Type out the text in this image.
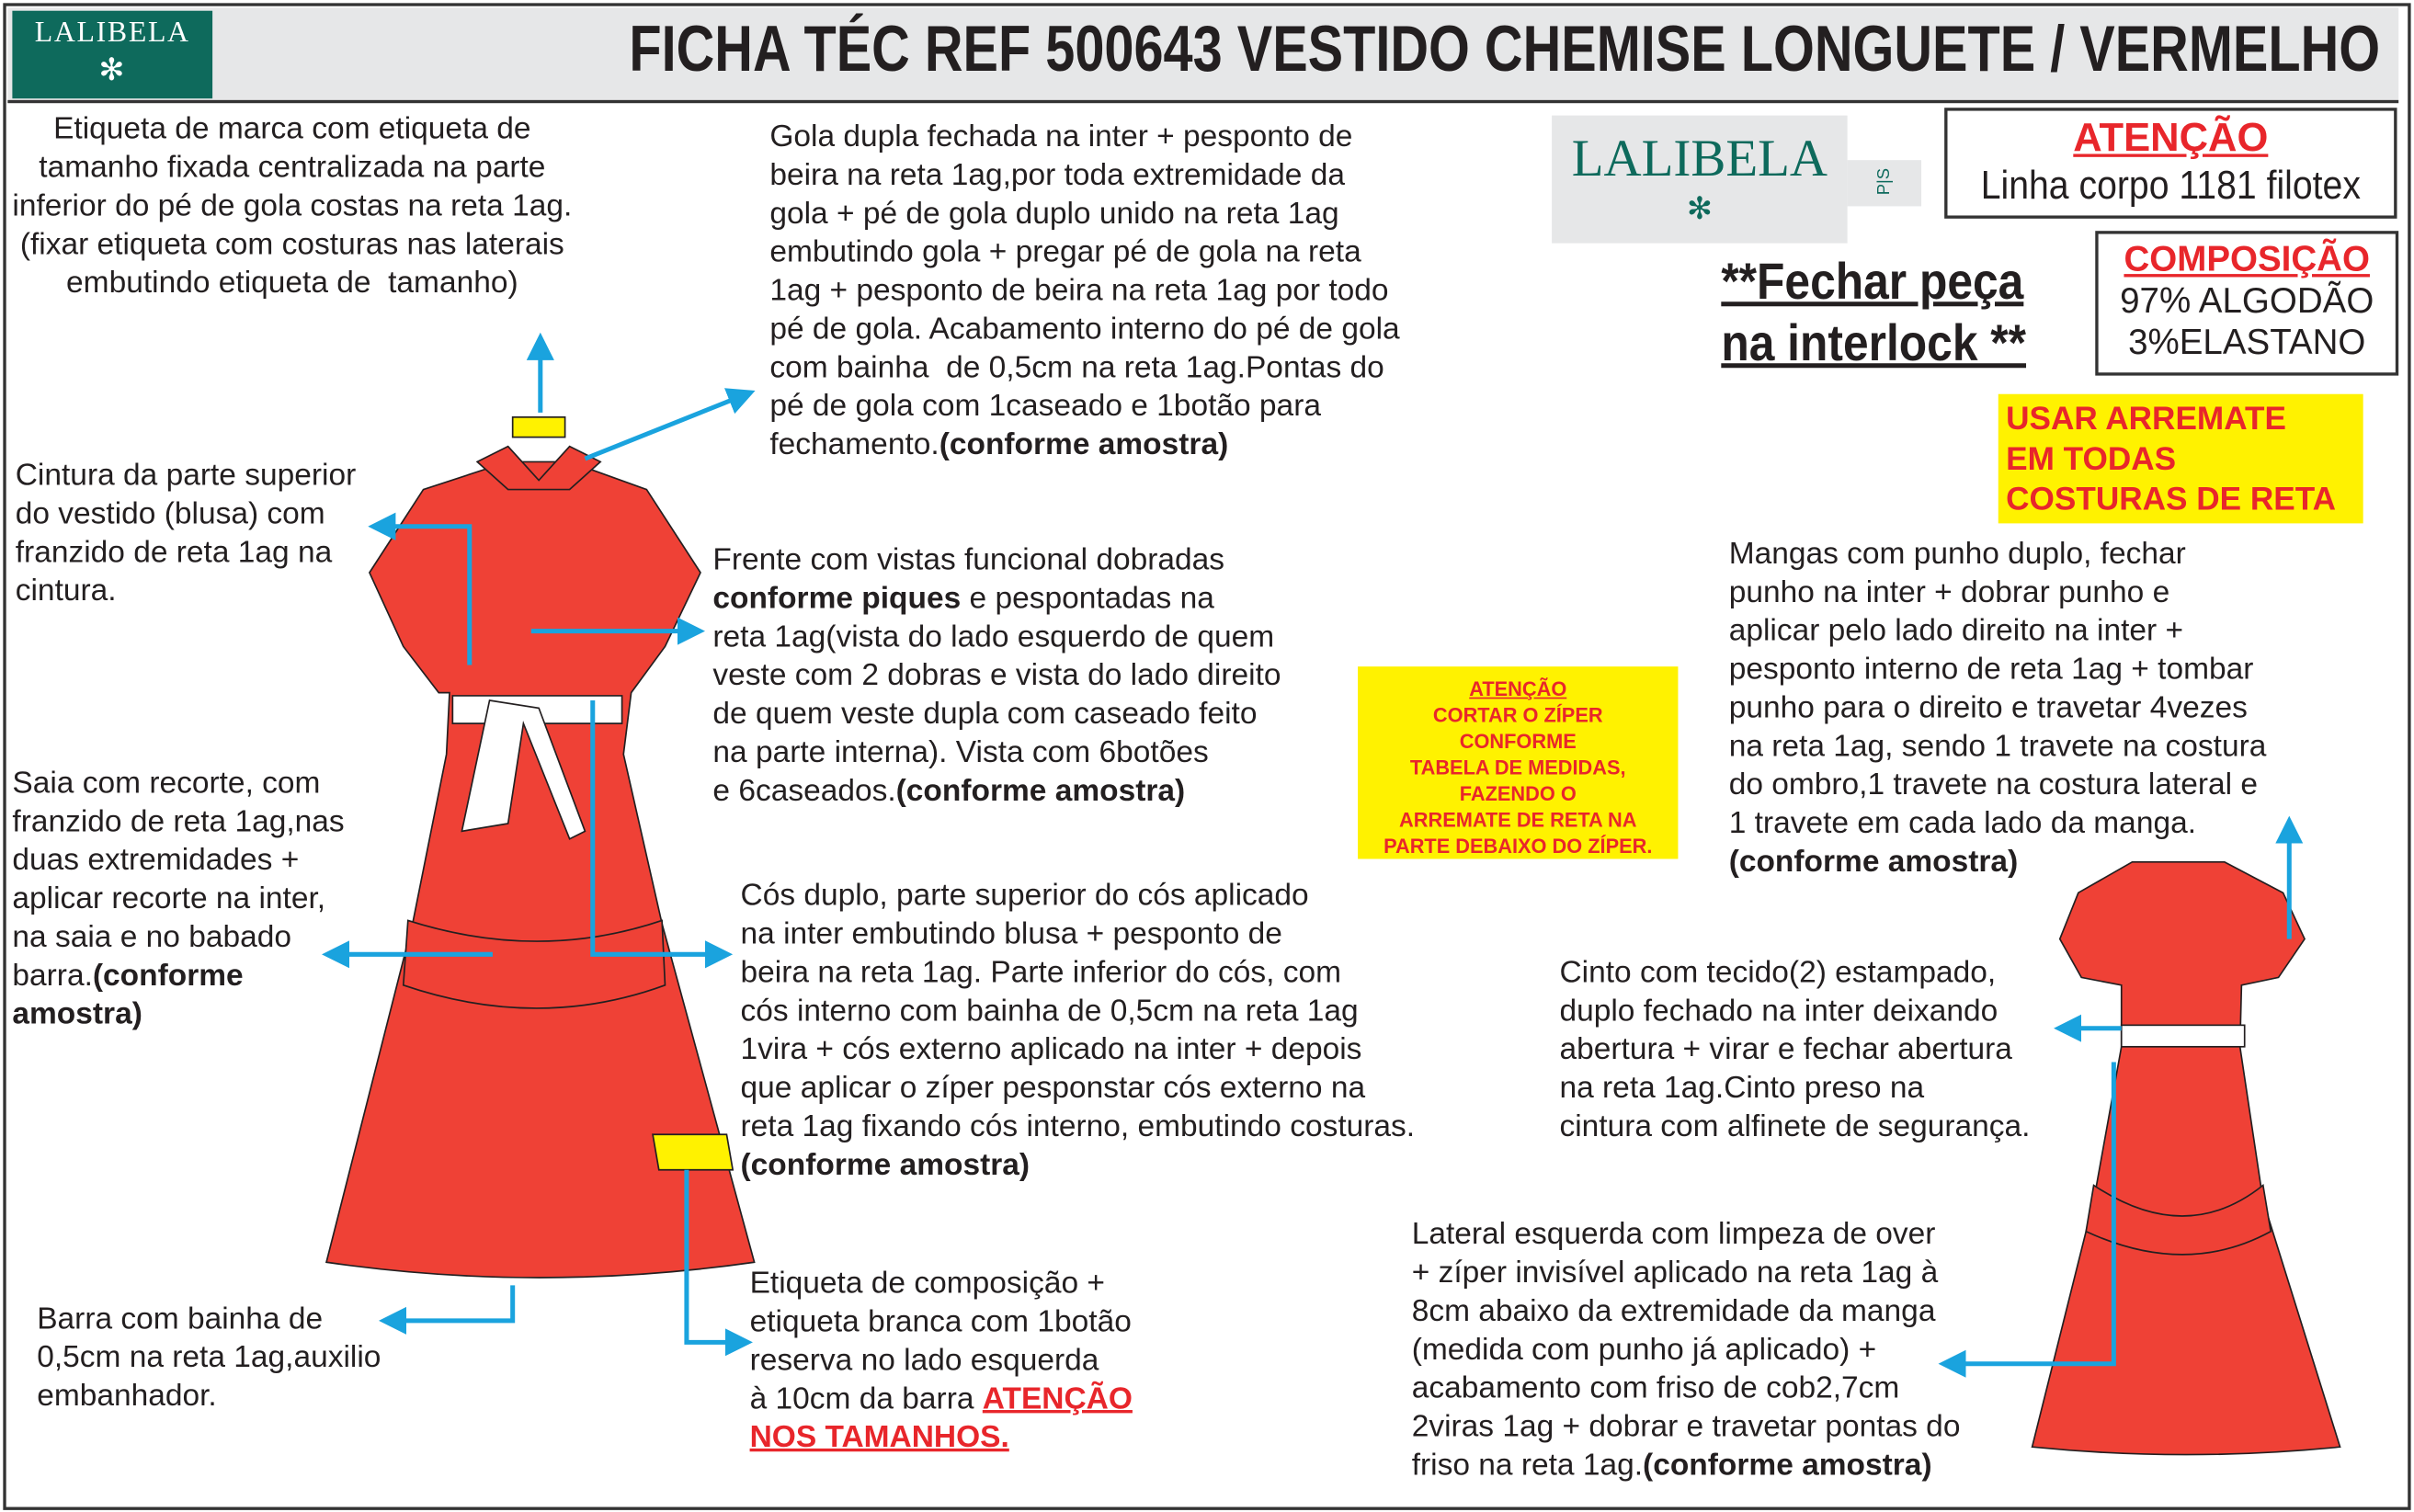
LALIBELA
✻	FICHA TÉC REF 500643 VESTIDO CHEMISE LONGUETE / VERMELHO
Etiqueta de marca com etiqueta de
tamanho fixada centralizada na parte
inferior do pé de gola costas na reta 1ag.
(fixar etiqueta com costuras nas laterais
embutindo etiqueta de  tamanho)
Gola dupla fechada na inter + pesponto de
beira na reta 1ag,por toda extremidade da
gola + pé de gola duplo unido na reta 1ag
embutindo gola + pregar pé de gola na reta
1ag + pesponto de beira na reta 1ag por todo
pé de gola. Acabamento interno do pé de gola
com bainha  de 0,5cm na reta 1ag.Pontas do
pé de gola com 1caseado e 1botão para
fechamento.(conforme amostra)
Cintura da parte superior
do vestido (blusa) com
franzido de reta 1ag na
cintura.
Frente com vistas funcional dobradas
conforme piques e pespontadas na
reta 1ag(vista do lado esquerdo de quem
veste com 2 dobras e vista do lado direito
de quem veste dupla com caseado feito
na parte interna). Vista com 6botões
e 6caseados.(conforme amostra)
Saia com recorte, com
franzido de reta 1ag,nas
duas extremidades +
aplicar recorte na inter,
na saia e no babado
barra.(conforme
amostra)
Cós duplo, parte superior do cós aplicado
na inter embutindo blusa + pesponto de
beira na reta 1ag. Parte inferior do cós, com
cós interno com bainha de 0,5cm na reta 1ag
1vira + cós externo aplicado na inter + depois
que aplicar o zíper pesponstar cós externo na
reta 1ag fixando cós interno, embutindo costuras.
(conforme amostra)
Barra com bainha de
0,5cm na reta 1ag,auxilio
embanhador.
Etiqueta de composição +
etiqueta branca com 1botão
reserva no lado esquerda
à 10cm da barra ATENÇÃO
NOS TAMANHOS.
Mangas com punho duplo, fechar
punho na inter + dobrar punho e
aplicar pelo lado direito na inter +
pesponto interno de reta 1ag + tombar
punho para o direito e travetar 4vezes
na reta 1ag, sendo 1 travete na costura
do ombro,1 travete na costura lateral e
1 travete em cada lado da manga.
(conforme amostra)
Cinto com tecido(2) estampado,
duplo fechado na inter deixando
abertura + virar e fechar abertura
na reta 1ag.Cinto preso na
cintura com alfinete de segurança.
Lateral esquerda com limpeza de over
+ zíper invisível aplicado na reta 1ag à
8cm abaixo da extremidade da manga
(medida com punho já aplicado) +
acabamento com friso de cob2,7cm
2viras 1ag + dobrar e travetar pontas do
friso na reta 1ag.(conforme amostra)
LALIBELA
✻
P|S
ATENÇÃO
Linha corpo 1181 filotex
**Fechar peça
na interlock **
COMPOSIÇÃO
97% ALGODÃO
3%ELASTANO
USAR ARREMATE
EM TODAS
COSTURAS DE RETA
ATENÇÃO
CORTAR O ZÍPER
CONFORME
TABELA DE MEDIDAS,
FAZENDO O
ARREMATE DE RETA NA
PARTE DEBAIXO DO ZÍPER.
